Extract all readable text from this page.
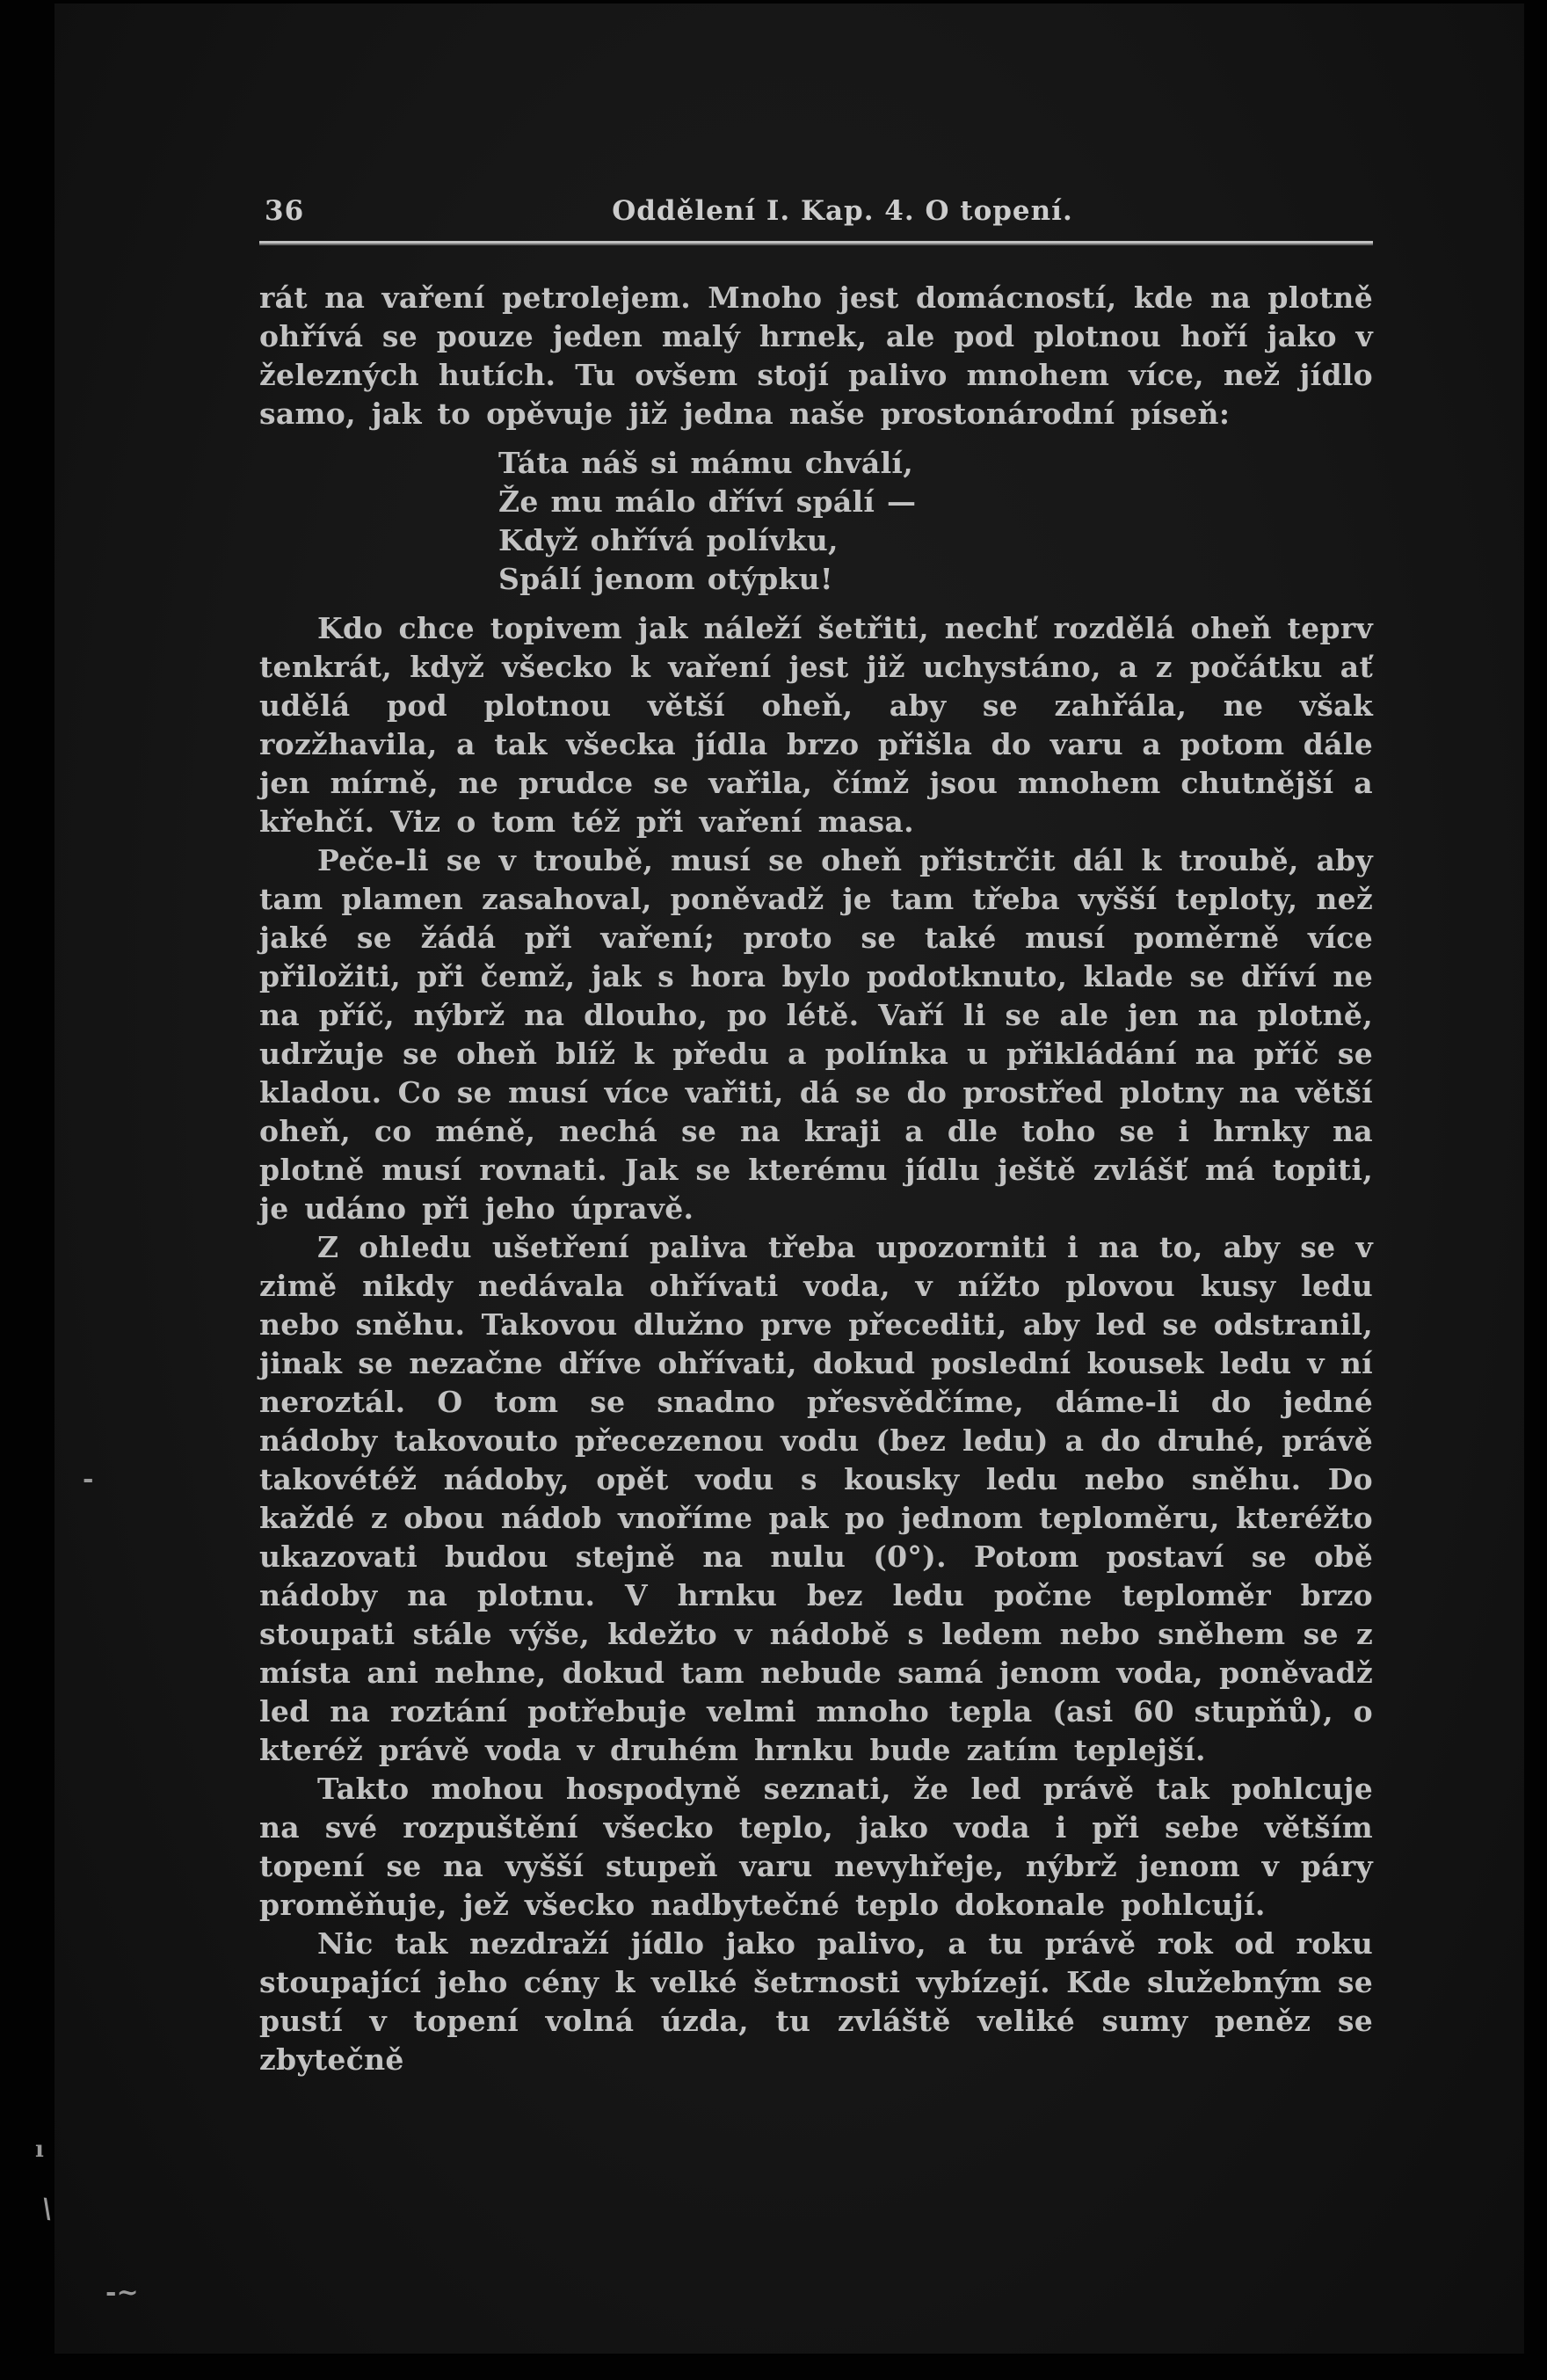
36	Oddělení I. Kap. 4. O topení.

rát na vaření petrolejem. Mnoho jest domácností, kde na plotně ohřívá se pouze jeden malý hrnek, ale pod plotnou hoří jako v železných hutích. Tu ovšem stojí palivo mnohem více, než jídlo samo, jak to opěvuje již jedna naše prostonárodní píseň:

Táta náš si mámu chválí,
Že mu málo dříví spálí —
Když ohřívá polívku,
Spálí jenom otýpku!

Kdo chce topivem jak náleží šetřiti, nechť rozdělá oheň teprv tenkrát, když všecko k vaření jest již uchystáno, a z počátku ať udělá pod plotnou větší oheň, aby se zahřála, ne však rozžhavila, a tak všecka jídla brzo přišla do varu a potom dále jen mírně, ne prudce se vařila, čímž jsou mnohem chutnější a křehčí. Viz o tom též při vaření masa.

Peče-li se v troubě, musí se oheň přistrčit dál k troubě, aby tam plamen zasahoval, poněvadž je tam třeba vyšší teploty, než jaké se žádá při vaření; proto se také musí poměrně více přiložiti, při čemž, jak s hora bylo podotknuto, klade se dříví ne na příč, nýbrž na dlouho, po létě. Vaří li se ale jen na plotně, udržuje se oheň blíž k předu a polínka u přikládání na příč se kladou. Co se musí více vařiti, dá se do prostřed plotny na větší oheň, co méně, nechá se na kraji a dle toho se i hrnky na plotně musí rovnati. Jak se kterému jídlu ještě zvlášť má topiti, je udáno při jeho úpravě.

Z ohledu ušetření paliva třeba upozorniti i na to, aby se v zimě nikdy nedávala ohřívati voda, v nížto plovou kusy ledu nebo sněhu. Takovou dlužno prve přecediti, aby led se odstranil, jinak se nezačne dříve ohřívati, dokud poslední kousek ledu v ní neroztál. O tom se snadno přesvědčíme, dáme-li do jedné nádoby takovouto přecezenou vodu (bez ledu) a do druhé, právě takovétéž nádoby, opět vodu s kousky ledu nebo sněhu. Do každé z obou nádob vnoříme pak po jednom teploměru, kteréžto ukazovati budou stejně na nulu (0°). Potom postaví se obě nádoby na plotnu. V hrnku bez ledu počne teploměr brzo stoupati stále výše, kdežto v nádobě s ledem nebo sněhem se z místa ani nehne, dokud tam nebude samá jenom voda, poněvadž led na roztání potřebuje velmi mnoho tepla (asi 60 stupňů), o kteréž právě voda v druhém hrnku bude zatím teplejší.

Takto mohou hospodyně seznati, že led právě tak pohlcuje na své rozpuštění všecko teplo, jako voda i při sebe větším topení se na vyšší stupeň varu nevyhřeje, nýbrž jenom v páry proměňuje, jež všecko nadbytečné teplo dokonale pohlcují.

Nic tak nezdraží jídlo jako palivo, a tu právě rok od roku stoupající jeho cény k velké šetrnosti vybízejí. Kde služebným se pustí v topení volná úzda, tu zvláště veliké sumy peněz se zbytečně

-
ı
\
-~
